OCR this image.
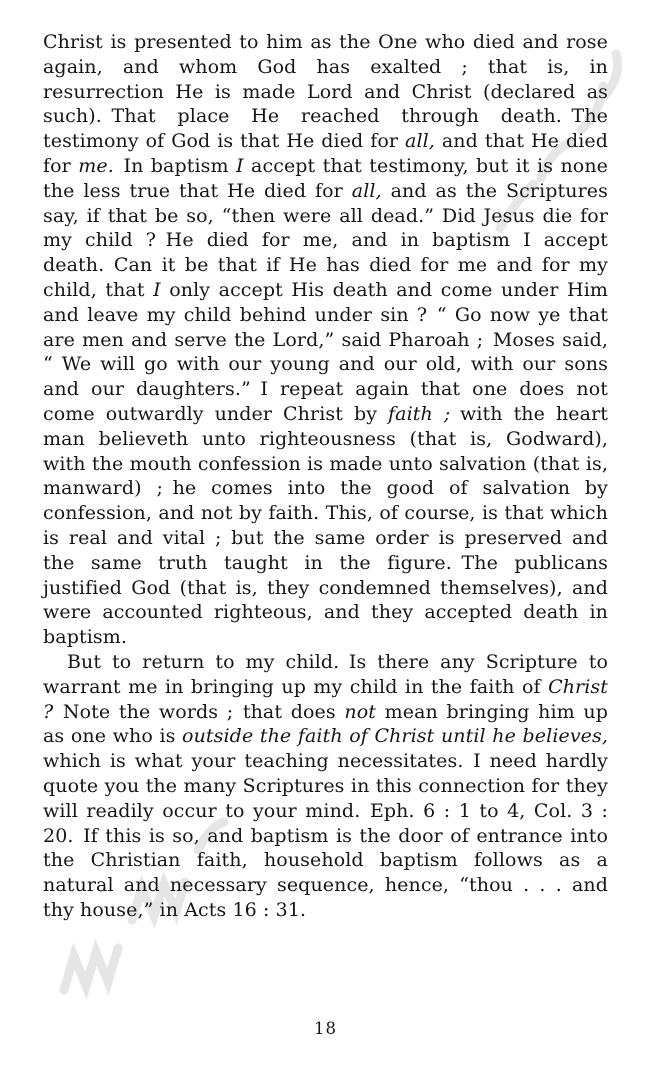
Christ is presented to him as the One who died and rose again, and whom God has exalted ; that is, in resurrection He is made Lord and Christ (declared as such). That place He reached through death. The testimony of God is that He died for all, and that He died for me. In baptism I accept that testimony, but it is none the less true that He died for all, and as the Scriptures say, if that be so, “then were all dead.” Did Jesus die for my child ? He died for me, and in baptism I accept death. Can it be that if He has died for me and for my child, that I only accept His death and come under Him and leave my child behind under sin ? “ Go now ye that are men and serve the Lord,” said Pharoah ; Moses said, “ We will go with our young and our old, with our sons and our daughters.” I repeat again that one does not come outwardly under Christ by faith ; with the heart man believeth unto righteousness (that is, Godward), with the mouth confession is made unto salvation (that is, manward) ; he comes into the good of salvation by confession, and not by faith. This, of course, is that which is real and vital ; but the same order is preserved and the same truth taught in the figure. The publicans justified God (that is, they condemned themselves), and were accounted righteous, and they accepted death in baptism.

But to return to my child. Is there any Scripture to warrant me in bringing up my child in the faith of Christ ? Note the words ; that does not mean bringing him up as one who is outside the faith of Christ until he believes, which is what your teaching necessitates. I need hardly quote you the many Scriptures in this connection for they will readily occur to your mind. Eph. 6 : 1 to 4, Col. 3 : 20. If this is so, and baptism is the door of entrance into the Christian faith, household baptism follows as a natural and necessary sequence, hence, “thou . . . and thy house,” in Acts 16 : 31.

18
